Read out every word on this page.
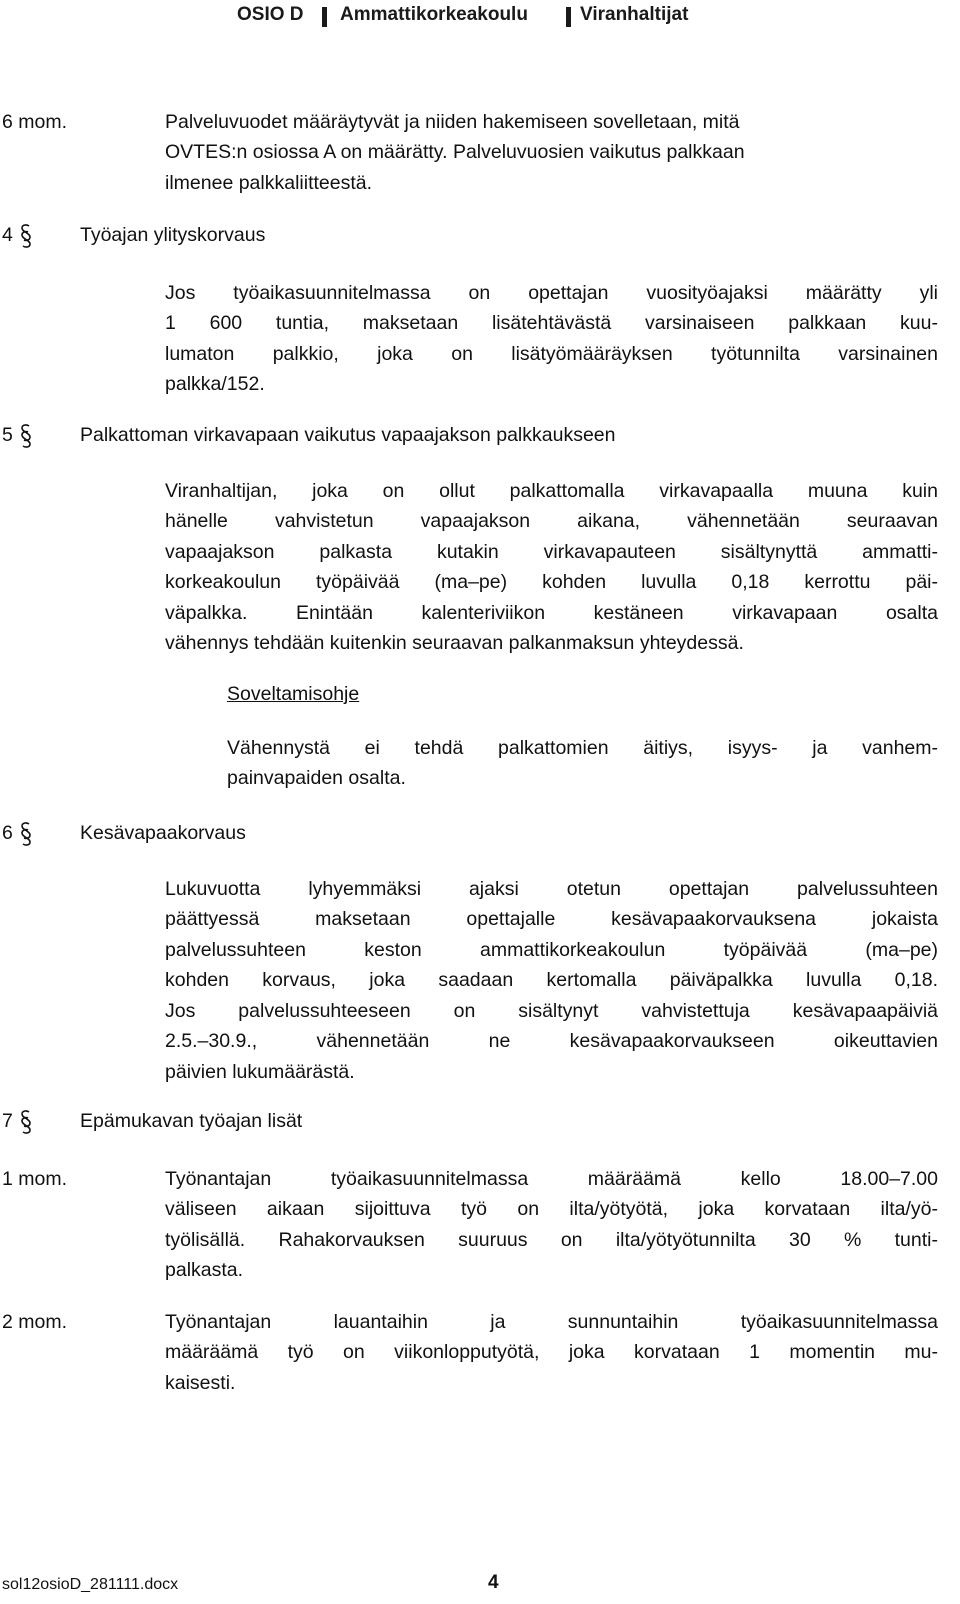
OSIO D Ammattikorkeakoulu	Viranhaltijat
6 mom.	Palveluvuodet määräytyvät ja niiden hakemiseen sovelletaan, mitä
OVTES:n osiossa A on määrätty. Palveluvuosien vaikutus palkkaan
ilmenee palkkaliitteestä.
4	Työajan ylityskorvaus
Jos työaikasuunnitelmassa on opettajan vuosityöajaksi määrätty yli
1 600 tuntia, maksetaan lisätehtävästä varsinaiseen palkkaan kuu-
lumaton palkkio, joka on lisätyömääräyksen työtunnilta varsinainen
palkka/152.
5	Palkattoman virkavapaan vaikutus vapaajakson palkkaukseen
Viranhaltijan, joka on ollut palkattomalla virkavapaalla muuna kuin
hänelle vahvistetun vapaajakson aikana, vähennetään seuraavan
vapaajakson palkasta kutakin virkavapauteen sisältynyttä ammatti-
korkeakoulun työpäivää (ma–pe) kohden luvulla 0,18 kerrottu päi-
väpalkka. Enintään kalenteriviikon kestäneen virkavapaan osalta
vähennys tehdään kuitenkin seuraavan palkanmaksun yhteydessä.
Soveltamisohje
Vähennystä ei tehdä palkattomien äitiys, isyys- ja vanhem-
painvapaiden osalta.
6	Kesävapaakorvaus
Lukuvuotta lyhyemmäksi ajaksi otetun opettajan palvelussuhteen
päättyessä maksetaan opettajalle kesävapaakorvauksena jokaista
palvelussuhteen keston ammattikorkeakoulun työpäivää (ma–pe)
kohden korvaus, joka saadaan kertomalla päiväpalkka luvulla 0,18.
Jos palvelussuhteeseen on sisältynyt vahvistettuja kesävapaapäiviä
2.5.–30.9., vähennetään ne kesävapaakorvaukseen oikeuttavien
päivien lukumäärästä.
7	Epämukavan työajan lisät
1 mom.	Työnantajan työaikasuunnitelmassa määräämä kello 18.00–7.00
väliseen aikaan sijoittuva työ on ilta/yötyötä, joka korvataan ilta/yö-
työlisällä. Rahakorvauksen suuruus on ilta/yötyötunnilta 30 % tunti-
palkasta.
2 mom.	Työnantajan lauantaihin ja sunnuntaihin työaikasuunnitelmassa
määräämä työ on viikonlopputyötä, joka korvataan 1 momentin mu-
kaisesti.
sol12osioD_281111.docx	4
